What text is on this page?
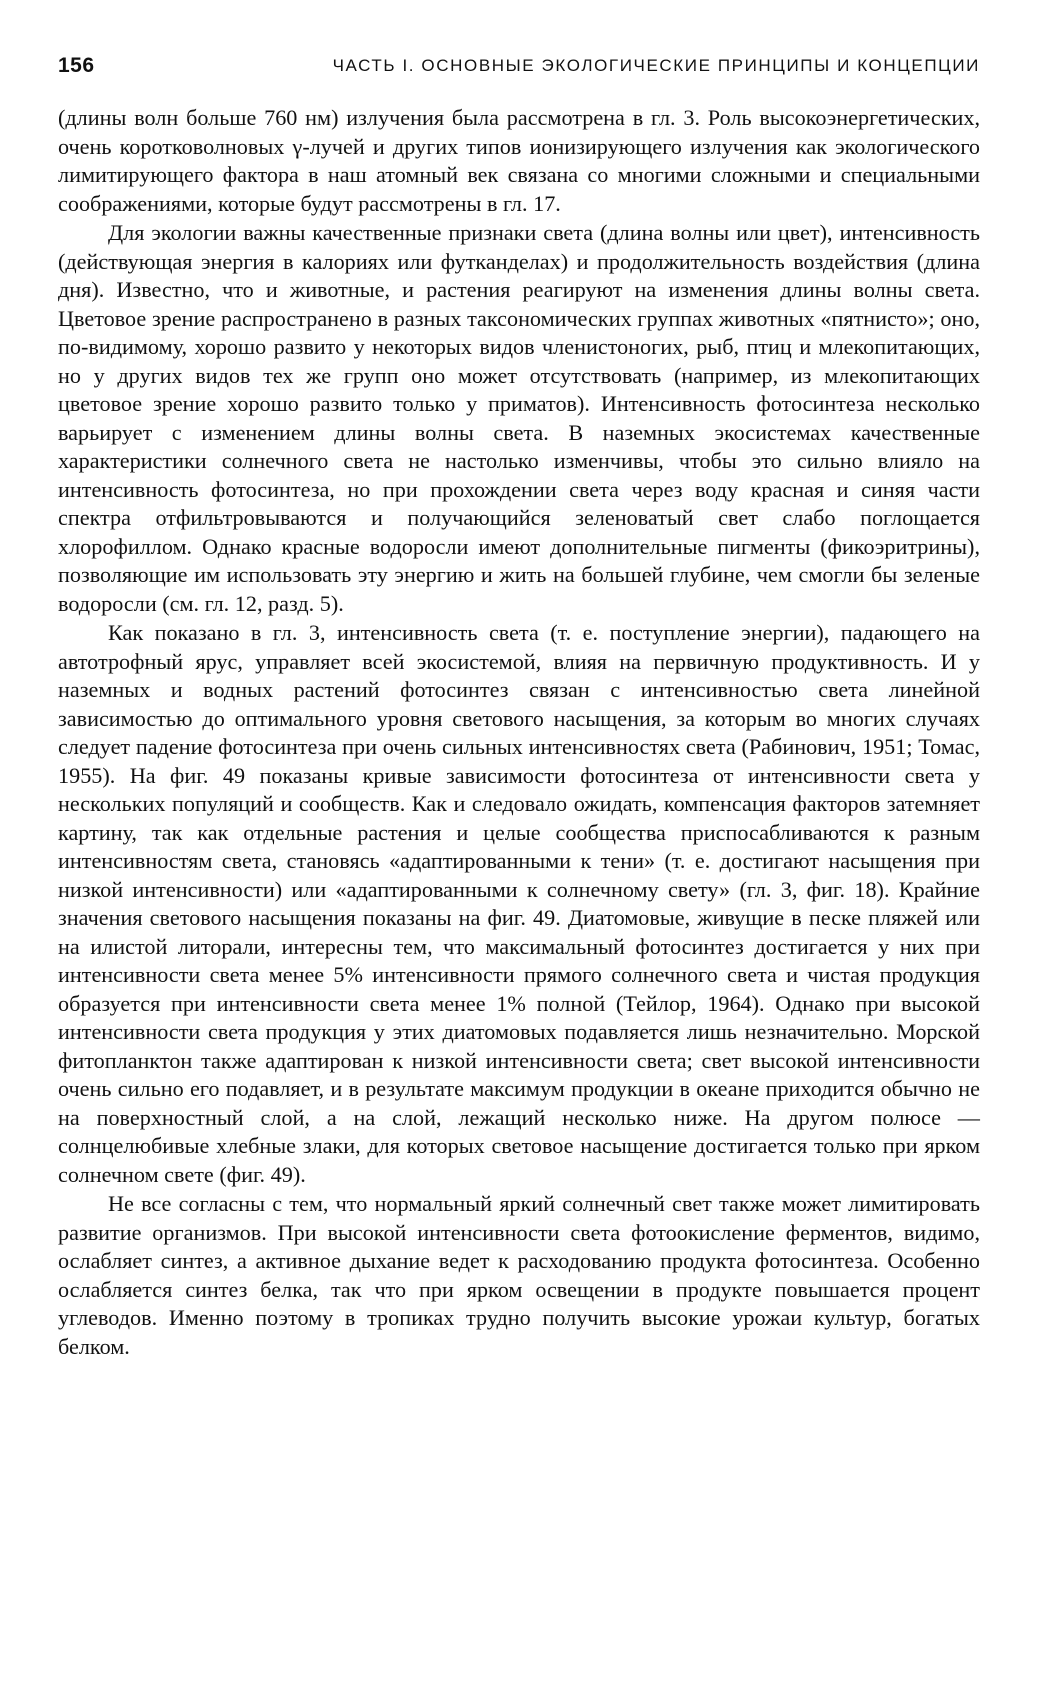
156	ЧАСТЬ I. ОСНОВНЫЕ ЭКОЛОГИЧЕСКИЕ ПРИНЦИПЫ И КОНЦЕПЦИИ

(длины волн больше 760 нм) излучения была рассмотрена в гл. 3. Роль высокоэнергетических, очень коротковолновых γ-лучей и других типов ионизирующего излучения как экологического лимитирующего фактора в наш атомный век связана со многими сложными и специальными соображениями, которые будут рассмотрены в гл. 17.

Для экологии важны качественные признаки света (длина волны или цвет), интенсивность (действующая энергия в калориях или футканделах) и продолжительность воздействия (длина дня). Известно, что и животные, и растения реагируют на изменения длины волны света. Цветовое зрение распространено в разных таксономических группах животных «пятнисто»; оно, по-видимому, хорошо развито у некоторых видов членистоногих, рыб, птиц и млекопитающих, но у других видов тех же групп оно может отсутствовать (например, из млекопитающих цветовое зрение хорошо развито только у приматов). Интенсивность фотосинтеза несколько варьирует с изменением длины волны света. В наземных экосистемах качественные характеристики солнечного света не настолько изменчивы, чтобы это сильно влияло на интенсивность фотосинтеза, но при прохождении света через воду красная и синяя части спектра отфильтровываются и получающийся зеленоватый свет слабо поглощается хлорофиллом. Однако красные водоросли имеют дополнительные пигменты (фикоэритрины), позволяющие им использовать эту энергию и жить на большей глубине, чем смогли бы зеленые водоросли (см. гл. 12, разд. 5).

Как показано в гл. 3, интенсивность света (т. е. поступление энергии), падающего на автотрофный ярус, управляет всей экосистемой, влияя на первичную продуктивность. И у наземных и водных растений фотосинтез связан с интенсивностью света линейной зависимостью до оптимального уровня светового насыщения, за которым во многих случаях следует падение фотосинтеза при очень сильных интенсивностях света (Рабинович, 1951; Томас, 1955). На фиг. 49 показаны кривые зависимости фотосинтеза от интенсивности света у нескольких популяций и сообществ. Как и следовало ожидать, компенсация факторов затемняет картину, так как отдельные растения и целые сообщества приспосабливаются к разным интенсивностям света, становясь «адаптированными к тени» (т. е. достигают насыщения при низкой интенсивности) или «адаптированными к солнечному свету» (гл. 3, фиг. 18). Крайние значения светового насыщения показаны на фиг. 49. Диатомовые, живущие в песке пляжей или на илистой литорали, интересны тем, что максимальный фотосинтез достигается у них при интенсивности света менее 5% интенсивности прямого солнечного света и чистая продукция образуется при интенсивности света менее 1% полной (Тейлор, 1964). Однако при высокой интенсивности света продукция у этих диатомовых подавляется лишь незначительно. Морской фитопланктон также адаптирован к низкой интенсивности света; свет высокой интенсивности очень сильно его подавляет, и в результате максимум продукции в океане приходится обычно не на поверхностный слой, а на слой, лежащий несколько ниже. На другом полюсе — солнцелюбивые хлебные злаки, для которых световое насыщение достигается только при ярком солнечном свете (фиг. 49).

Не все согласны с тем, что нормальный яркий солнечный свет также может лимитировать развитие организмов. При высокой интенсивности света фотоокисление ферментов, видимо, ослабляет синтез, а активное дыхание ведет к расходованию продукта фотосинтеза. Особенно ослабляется синтез белка, так что при ярком освещении в продукте повышается процент углеводов. Именно поэтому в тропиках трудно получить высокие урожаи культур, богатых белком.
